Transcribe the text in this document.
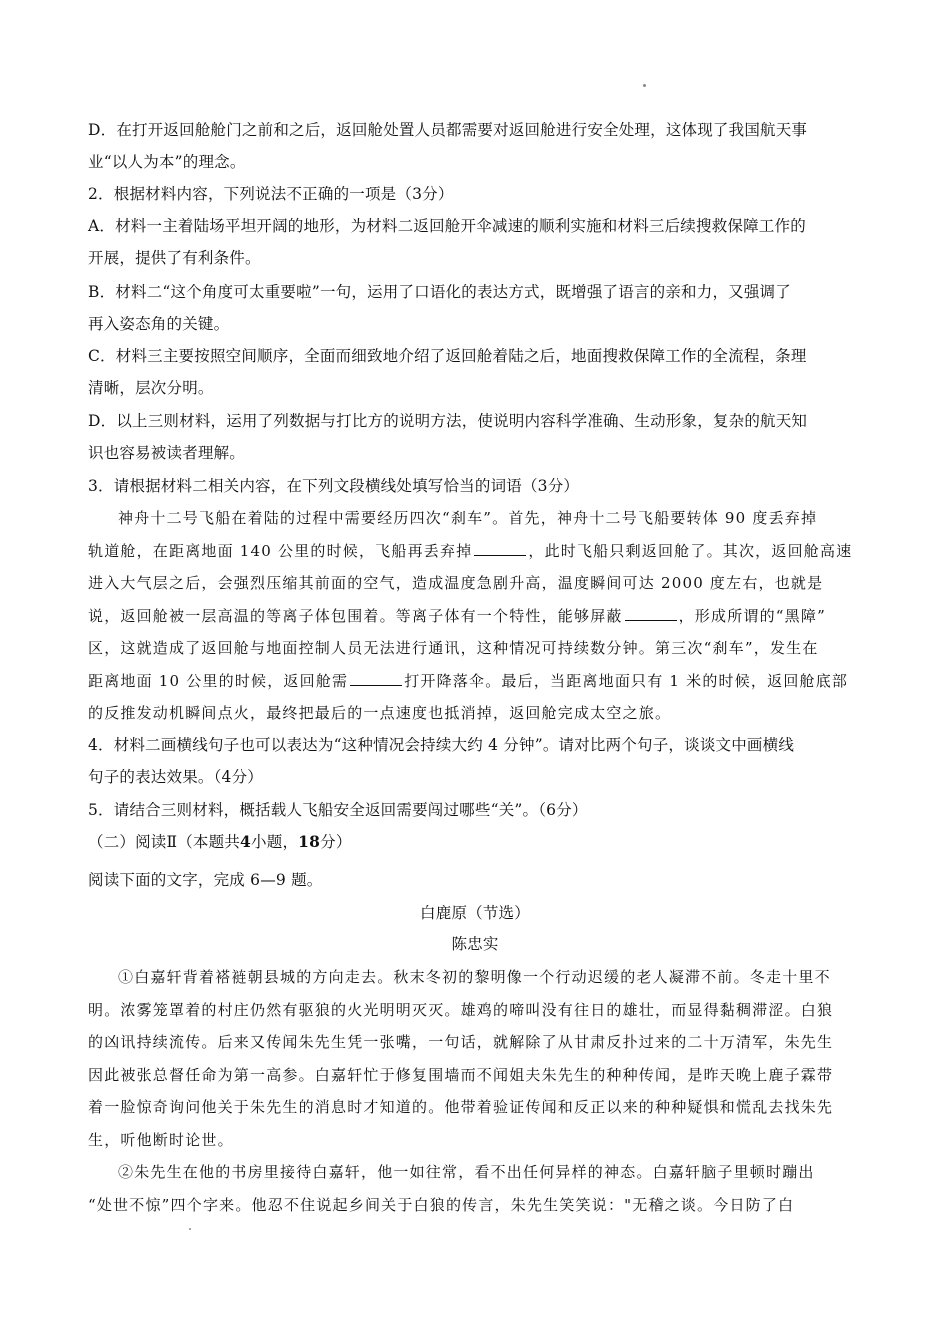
D．在打开返回舱舱门之前和之后，返回舱处置人员都需要对返回舱进行安全处理，这体现了我国航天事
业“以人为本”的理念。
2．根据材料内容，下列说法不正确的一项是（3分）
A．材料一主着陆场平坦开阔的地形，为材料二返回舱开伞减速的顺利实施和材料三后续搜救保障工作的
开展，提供了有利条件。
B．材料二“这个角度可太重要啦”一句，运用了口语化的表达方式，既增强了语言的亲和力，又强调了
再入姿态角的关键。
C．材料三主要按照空间顺序，全面而细致地介绍了返回舱着陆之后，地面搜救保障工作的全流程，条理
清晰，层次分明。
D．以上三则材料，运用了列数据与打比方的说明方法，使说明内容科学准确、生动形象，复杂的航天知
识也容易被读者理解。
3．请根据材料二相关内容，在下列文段横线处填写恰当的词语（3分）
神舟十二号飞船在着陆的过程中需要经历四次“刹车”。首先，神舟十二号飞船要转体 90 度丢弃掉
轨道舱，在距离地面 140 公里的时候，飞船再丢弃掉	，此时飞船只剩返回舱了。其次，返回舱高速
进入大气层之后，会强烈压缩其前面的空气，造成温度急剧升高，温度瞬间可达 2000 度左右，也就是
说，返回舱被一层高温的等离子体包围着。等离子体有一个特性，能够屏蔽	，形成所谓的“黑障”
区，这就造成了返回舱与地面控制人员无法进行通讯，这种情况可持续数分钟。第三次“刹车”，发生在
距离地面 10 公里的时候，返回舱需	打开降落伞。最后，当距离地面只有 1 米的时候，返回舱底部
的反推发动机瞬间点火，最终把最后的一点速度也抵消掉，返回舱完成太空之旅。
4．材料二画横线句子也可以表达为“这种情况会持续大约 4 分钟”。请对比两个句子，谈谈文中画横线
句子的表达效果。（4分）
5．请结合三则材料，概括载人飞船安全返回需要闯过哪些“关”。（6分）
（二）阅读Ⅱ（本题共4小题，18分）
阅读下面的文字，完成 6—9 题。
白鹿原（节选）
陈忠实
①白嘉轩背着褡裢朝县城的方向走去。秋末冬初的黎明像一个行动迟缓的老人凝滞不前。冬走十里不
明。浓雾笼罩着的村庄仍然有驱狼的火光明明灭灭。雄鸡的啼叫没有往日的雄壮，而显得黏稠滞涩。白狼
的凶讯持续流传。后来又传闻朱先生凭一张嘴，一句话，就解除了从甘肃反扑过来的二十万清军，朱先生
因此被张总督任命为第一高参。白嘉轩忙于修复围墙而不闻姐夫朱先生的种种传闻，是昨天晚上鹿子霖带
着一脸惊奇询问他关于朱先生的消息时才知道的。他带着验证传闻和反正以来的种种疑惧和慌乱去找朱先
生，听他断时论世。
②朱先生在他的书房里接待白嘉轩，他一如往常，看不出任何异样的神态。白嘉轩脑子里顿时蹦出
“处世不惊”四个字来。他忍不住说起乡间关于白狼的传言，朱先生笑笑说："无稽之谈。今日防了白
